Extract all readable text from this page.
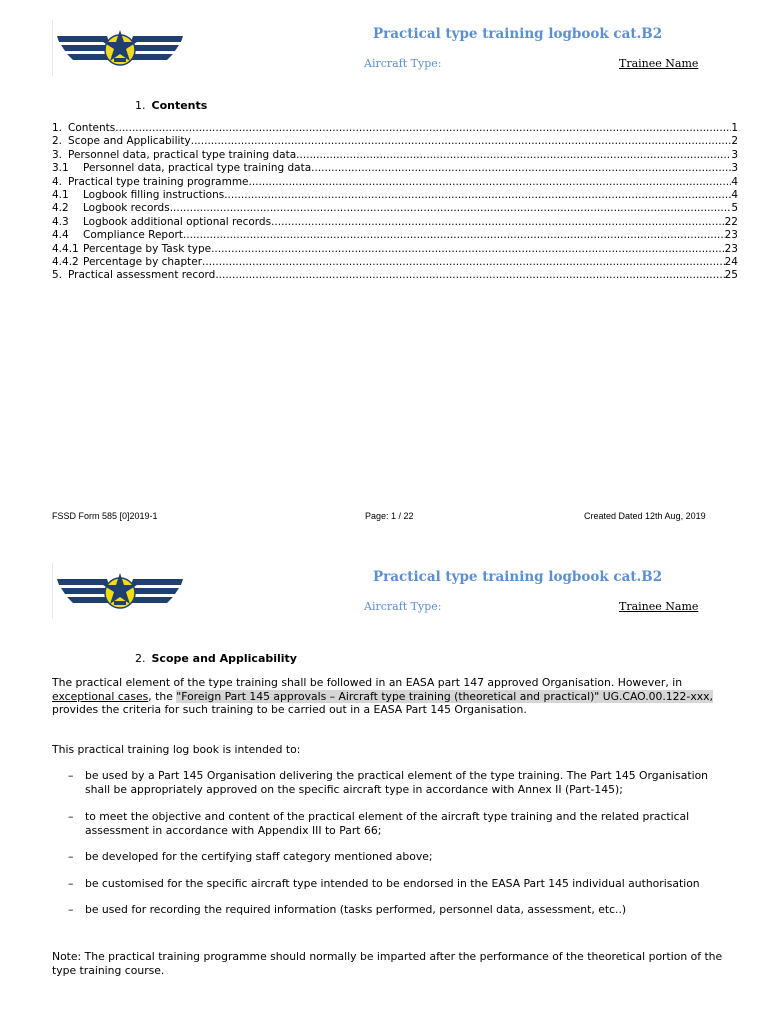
Practical type training logbook cat.B2
Aircraft Type:	Trainee Name
1. Contents
1. Contents .....	1
2. Scope and Applicability .....	2
3. Personnel data, practical type training data .....	3
3.1	Personnel data, practical type training data .....	3
4. Practical type training programme .....	4
4.1	Logbook filling instructions .....	4
4.2	Logbook records .....	5
4.3	Logbook additional optional records .....	22
4.4	Compliance Report .....	23
4.4.1 Percentage by Task type .....	23
4.4.2 Percentage by chapter .....	24
5. Practical assessment record .....	25
FSSD Form 585 [0]2019-1	Page: 1 / 22	Created Dated 12th Aug, 2019
Practical type training logbook cat.B2
Aircraft Type:	Trainee Name
2. Scope and Applicability
The practical element of the type training shall be followed in an EASA part 147 approved Organisation. However, in
exceptional cases, the "Foreign Part 145 approvals – Aircraft type training (theoretical and practical)" UG.CAO.00.122-xxx,
provides the criteria for such training to be carried out in a EASA Part 145 Organisation.
This practical training log book is intended to:
–	be used by a Part 145 Organisation delivering the practical element of the type training. The Part 145 Organisation shall be appropriately approved on the specific aircraft type in accordance with Annex II (Part-145);
–	to meet the objective and content of the practical element of the aircraft type training and the related practical assessment in accordance with Appendix III to Part 66;
–	be developed for the certifying staff category mentioned above;
–	be customised for the specific aircraft type intended to be endorsed in the EASA Part 145 individual authorisation
–	be used for recording the required information (tasks performed, personnel data, assessment, etc..)
Note: The practical training programme should normally be imparted after the performance of the theoretical portion of the type training course.
